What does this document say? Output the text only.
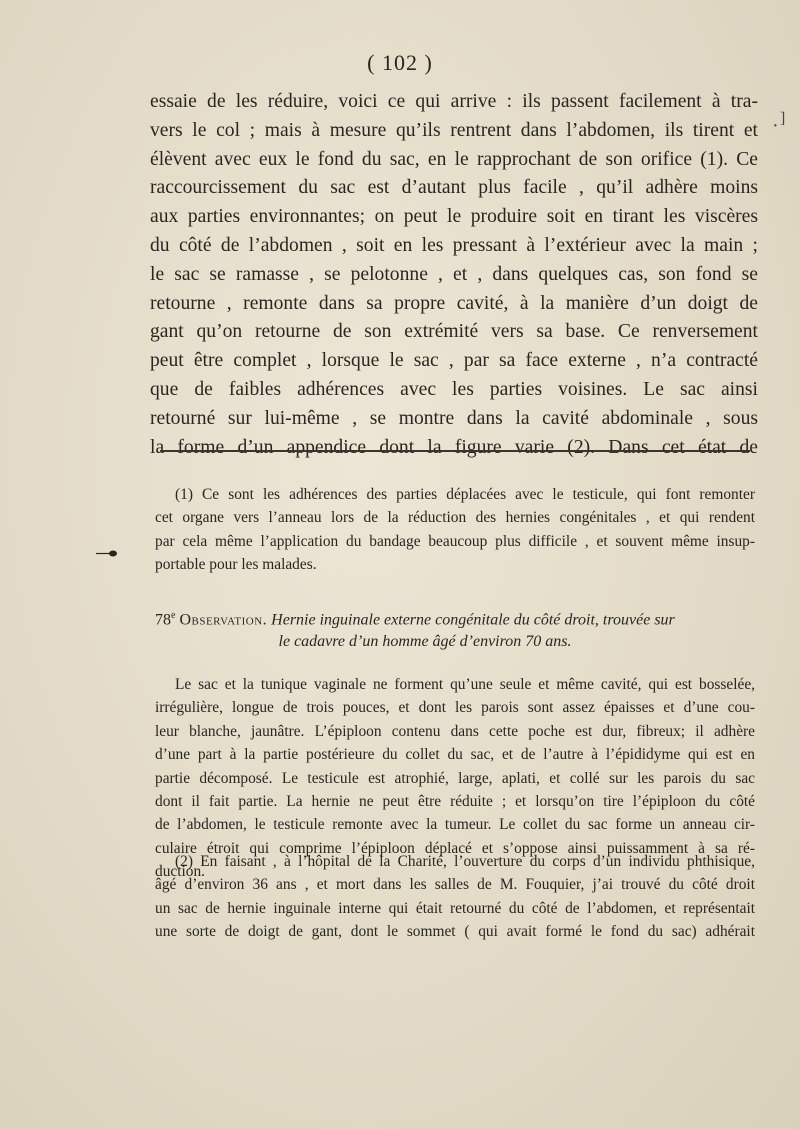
( 102 )
· ]
essaie de les réduire, voici ce qui arrive : ils passent facilement à tra-
vers le col ; mais à mesure qu’ils rentrent dans l’abdomen, ils tirent et
élèvent avec eux le fond du sac, en le rapprochant de son orifice (1). Ce
raccourcissement du sac est d’autant plus facile , qu’il adhère moins
aux parties environnantes; on peut le produire soit en tirant les viscères
du côté de l’abdomen , soit en les pressant à l’extérieur avec la main ;
le sac se ramasse , se pelotonne , et , dans quelques cas, son fond se
retourne , remonte dans sa propre cavité, à la manière d’un doigt de
gant qu’on retourne de son extrémité vers sa base. Ce renversement
peut être complet , lorsque le sac , par sa face externe , n’a contracté
que de faibles adhérences avec les parties voisines. Le sac ainsi
retourné sur lui-même , se montre dans la cavité abdominale , sous
la forme d’un appendice dont la figure varie (2). Dans cet état de
(1) Ce sont les adhérences des parties déplacées avec le testicule, qui font remonter
cet organe vers l’anneau lors de la réduction des hernies congénitales , et qui rendent
par cela même l’application du bandage beaucoup plus difficile , et souvent même insup-
portable pour les malades.
78e Observation. Hernie inguinale externe congénitale du côté droit, trouvée sur
le cadavre d’un homme âgé d’environ 70 ans.
Le sac et la tunique vaginale ne forment qu’une seule et même cavité, qui est bosselée,
irrégulière, longue de trois pouces, et dont les parois sont assez épaisses et d’une cou-
leur blanche, jaunâtre. L’épiploon contenu dans cette poche est dur, fibreux; il adhère
d’une part à la partie postérieure du collet du sac, et de l’autre à l’épididyme qui est en
partie décomposé. Le testicule est atrophié, large, aplati, et collé sur les parois du sac
dont il fait partie. La hernie ne peut être réduite ; et lorsqu’on tire l’épiploon du côté
de l’abdomen, le testicule remonte avec la tumeur. Le collet du sac forme un anneau cir-
culaire étroit qui comprime l’épiploon déplacé et s’oppose ainsi puissamment à sa ré-
duction.
(2) En faisant , à l’hôpital de la Charité, l’ouverture du corps d’un individu phthisique,
âgé d’environ 36 ans , et mort dans les salles de M. Fouquier, j’ai trouvé du côté droit
un sac de hernie inguinale interne qui était retourné du côté de l’abdomen, et représentait
une sorte de doigt de gant, dont le sommet ( qui avait formé le fond du sac) adhérait
